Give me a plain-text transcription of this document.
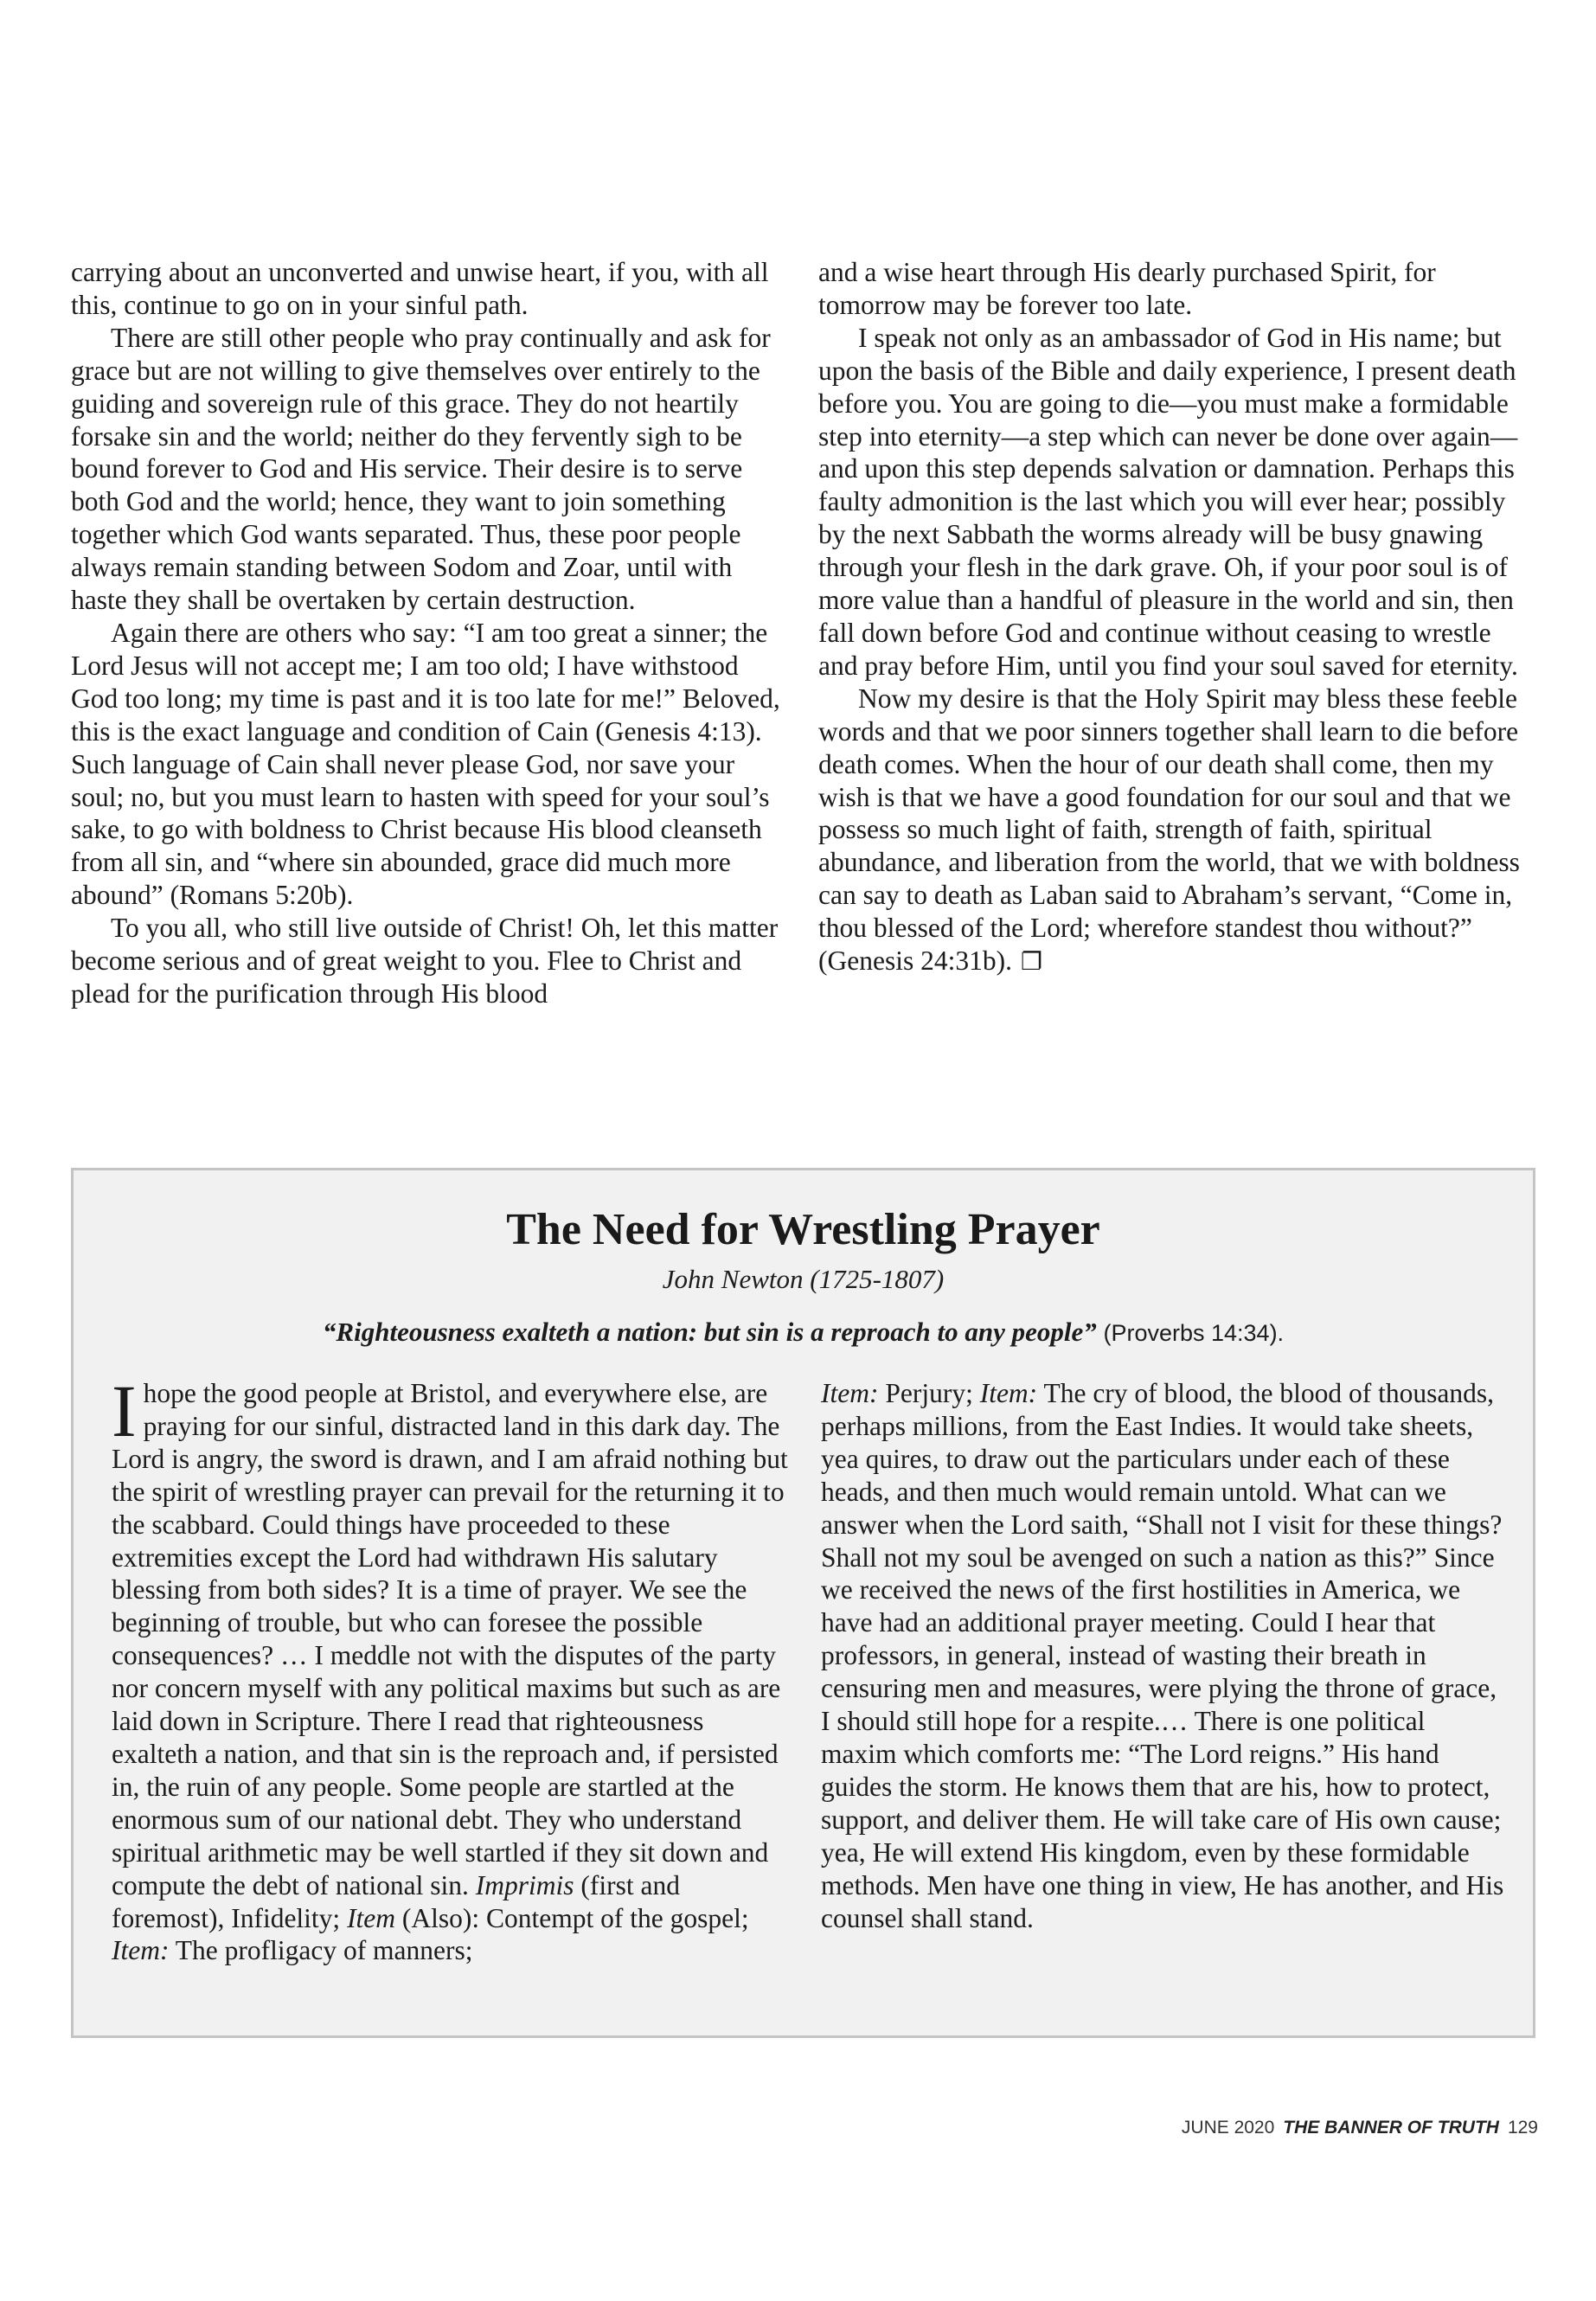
carrying about an unconverted and unwise heart, if you, with all this, continue to go on in your sinful path.

There are still other people who pray continually and ask for grace but are not willing to give themselves over entirely to the guiding and sovereign rule of this grace. They do not heartily forsake sin and the world; neither do they fervently sigh to be bound forever to God and His service. Their desire is to serve both God and the world; hence, they want to join something together which God wants separated. Thus, these poor people always remain standing between Sodom and Zoar, until with haste they shall be overtaken by certain destruction.

Again there are others who say: “I am too great a sinner; the Lord Jesus will not accept me; I am too old; I have withstood God too long; my time is past and it is too late for me!” Beloved, this is the exact language and condition of Cain (Genesis 4:13). Such language of Cain shall never please God, nor save your soul; no, but you must learn to hasten with speed for your soul’s sake, to go with boldness to Christ because His blood cleanseth from all sin, and “where sin abounded, grace did much more abound” (Romans 5:20b).

To you all, who still live outside of Christ! Oh, let this matter become serious and of great weight to you. Flee to Christ and plead for the purification through His blood

and a wise heart through His dearly purchased Spirit, for tomorrow may be forever too late.

I speak not only as an ambassador of God in His name; but upon the basis of the Bible and daily experience, I present death before you. You are going to die—you must make a formidable step into eternity—a step which can never be done over again—and upon this step depends salvation or damnation. Perhaps this faulty admonition is the last which you will ever hear; possibly by the next Sabbath the worms already will be busy gnawing through your flesh in the dark grave. Oh, if your poor soul is of more value than a handful of pleasure in the world and sin, then fall down before God and continue without ceasing to wrestle and pray before Him, until you find your soul saved for eternity.

Now my desire is that the Holy Spirit may bless these feeble words and that we poor sinners together shall learn to die before death comes. When the hour of our death shall come, then my wish is that we have a good foundation for our soul and that we possess so much light of faith, strength of faith, spiritual abundance, and liberation from the world, that we with boldness can say to death as Laban said to Abraham’s servant, “Come in, thou blessed of the Lord; wherefore standest thou without?” (Genesis 24:31b). ❐

The Need for Wrestling Prayer
John Newton (1725-1807)
“Righteousness exalteth a nation: but sin is a reproach to any people” (Proverbs 14:34).

I hope the good people at Bristol, and everywhere else, are praying for our sinful, distracted land in this dark day. The Lord is angry, the sword is drawn, and I am afraid nothing but the spirit of wrestling prayer can prevail for the returning it to the scabbard. Could things have proceeded to these extremities except the Lord had withdrawn His salutary blessing from both sides? It is a time of prayer. We see the beginning of trouble, but who can foresee the possible consequences? … I meddle not with the disputes of the party nor concern myself with any political maxims but such as are laid down in Scripture. There I read that righteousness exalteth a nation, and that sin is the reproach and, if persisted in, the ruin of any people. Some people are startled at the enormous sum of our national debt. They who understand spiritual arithmetic may be well startled if they sit down and compute the debt of national sin. Imprimis (first and foremost), Infidelity; Item (Also): Contempt of the gospel; Item: The profligacy of manners;

Item: Perjury; Item: The cry of blood, the blood of thousands, perhaps millions, from the East Indies. It would take sheets, yea quires, to draw out the particulars under each of these heads, and then much would remain untold. What can we answer when the Lord saith, “Shall not I visit for these things? Shall not my soul be avenged on such a nation as this?” Since we received the news of the first hostilities in America, we have had an additional prayer meeting. Could I hear that professors, in general, instead of wasting their breath in censuring men and measures, were plying the throne of grace, I should still hope for a respite.… There is one political maxim which comforts me: “The Lord reigns.” His hand guides the storm. He knows them that are his, how to protect, support, and deliver them. He will take care of His own cause; yea, He will extend His kingdom, even by these formidable methods. Men have one thing in view, He has another, and His counsel shall stand.

JUNE 2020 THE BANNER OF TRUTH 129
